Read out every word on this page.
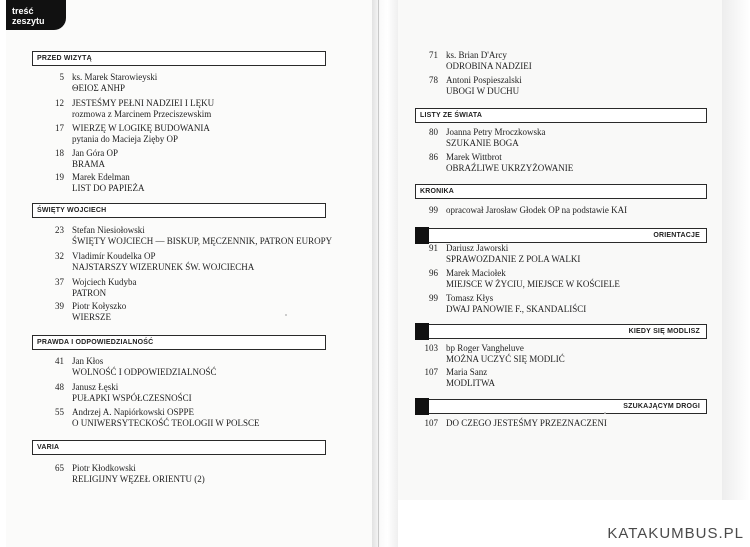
treść zeszytu
PRZED WIZYTĄ
5 ks. Marek Starowieyski
ΘΕΙΟΣ ΑΝΗΡ
12 JESTEŚMY PEŁNI NADZIEI I LĘKU
rozmowa z Marcinem Przeciszewskim
17 WIERZĘ W LOGIKĘ BUDOWANIA
pytania do Macieja Zięby OP
18 Jan Góra OP
BRAMA
19 Marek Edelman
LIST DO PAPIEŻA
ŚWIĘTY WOJCIECH
23 Stefan Niesiołowski
ŚWIĘTY WOJCIECH — BISKUP, MĘCZENNIK, PATRON EUROPY
32 Vladimír Koudelka OP
NAJSTARSZY WIZERUNEK ŚW. WOJCIECHA
37 Wojciech Kudyba
PATRON
39 Piotr Kołyszko
WIERSZE
PRAWDA I ODPOWIEDZIALNOŚĆ
41 Jan Kłos
WOLNOŚĆ I ODPOWIEDZIALNOŚĆ
48 Janusz Łęski
PUŁAPKI WSPÓŁCZESNOŚCI
55 Andrzej A. Napiórkowski OSPPE
O UNIWERSYTECKOŚĆ TEOLOGII W POLSCE
VARIA
65 Piotr Kłodkowski
RELIGIJNY WĘZEŁ ORIENTU (2)
71 ks. Brian D'Arcy
ODROBINA NADZIEI
78 Antoni Pospieszalski
UBOGI W DUCHU
LISTY ZE ŚWIATA
80 Joanna Petry Mroczkowska
SZUKANIE BOGA
86 Marek Wittbrot
OBRAŹLIWE UKRZYŻOWANIE
KRONIKA
99 opracował Jarosław Głodek OP na podstawie KAI
ORIENTACJE
91 Dariusz Jaworski
SPRAWOZDANIE Z POLA WALKI
96 Marek Maciołek
MIEJSCE W ŻYCIU, MIEJSCE W KOŚCIELE
99 Tomasz Kłys
DWAJ PANOWIE F., SKANDALIŚCI
KIEDY SIĘ MODLISZ
103 bp Roger Vangheluve
MOŻNA UCZYĆ SIĘ MODLIĆ
107 Maria Sanz
MODLITWA
SZUKAJĄCYM DROGI
107 DO CZEGO JESTEŚMY PRZEZNACZENI
KATAKUMBUS.PL
